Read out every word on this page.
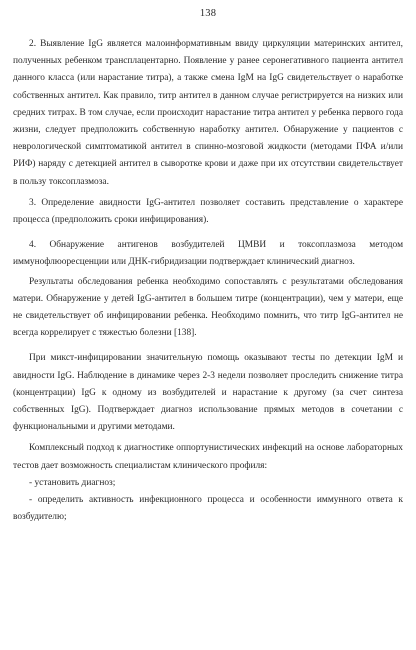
138

2. Выявление IgG является малоинформативным ввиду циркуляции материнских антител, полученных ребенком трансплацентарно. Появление у ранее серонегативного пациента антител данного класса (или нарастание титра), а также смена IgM на IgG свидетельствует о наработке собственных антител. Как правило, титр антител в данном случае регистрируется на низких или средних титрах. В том случае, если происходит нарастание титра антител у ребенка первого года жизни, следует предположить собственную наработку антител. Обнаружение у пациентов с неврологической симптоматикой антител в спинно-мозговой жидкости (методами ПФА и/или РИФ) наряду с детекцией антител в сыворотке крови и даже при их отсутствии свидетельствует в пользу токсоплазмоза.

3. Определение авидности IgG-антител позволяет составить представление о характере процесса (предположить сроки инфицирования).

4. Обнаружение антигенов возбудителей ЦМВИ и токсоплазмоза методом иммунофлюоресценции или ДНК-гибридизации подтверждает клинический диагноз.

Результаты обследования ребенка необходимо сопоставлять с результатами обследования матери. Обнаружение у детей IgG-антител в большем титре (концентрации), чем у матери, еще не свидетельствует об инфицировании ребенка. Необходимо помнить, что титр IgG-антител не всегда коррелирует с тяжестью болезни [138].

При микст-инфицировании значительную помощь оказывают тесты по детекции IgM и авидности IgG. Наблюдение в динамике через 2-3 недели позволяет проследить снижение титра (концентрации) IgG к одному из возбудителей и нарастание к другому (за счет синтеза собственных IgG). Подтверждает диагноз использование прямых методов в сочетании с функциональными и другими методами.

Комплексный подход к диагностике оппортунистических инфекций на основе лабораторных тестов дает возможность специалистам клинического профиля:

- установить диагноз;

- определить активность инфекционного процесса и особенности иммунного ответа к возбудителю;
